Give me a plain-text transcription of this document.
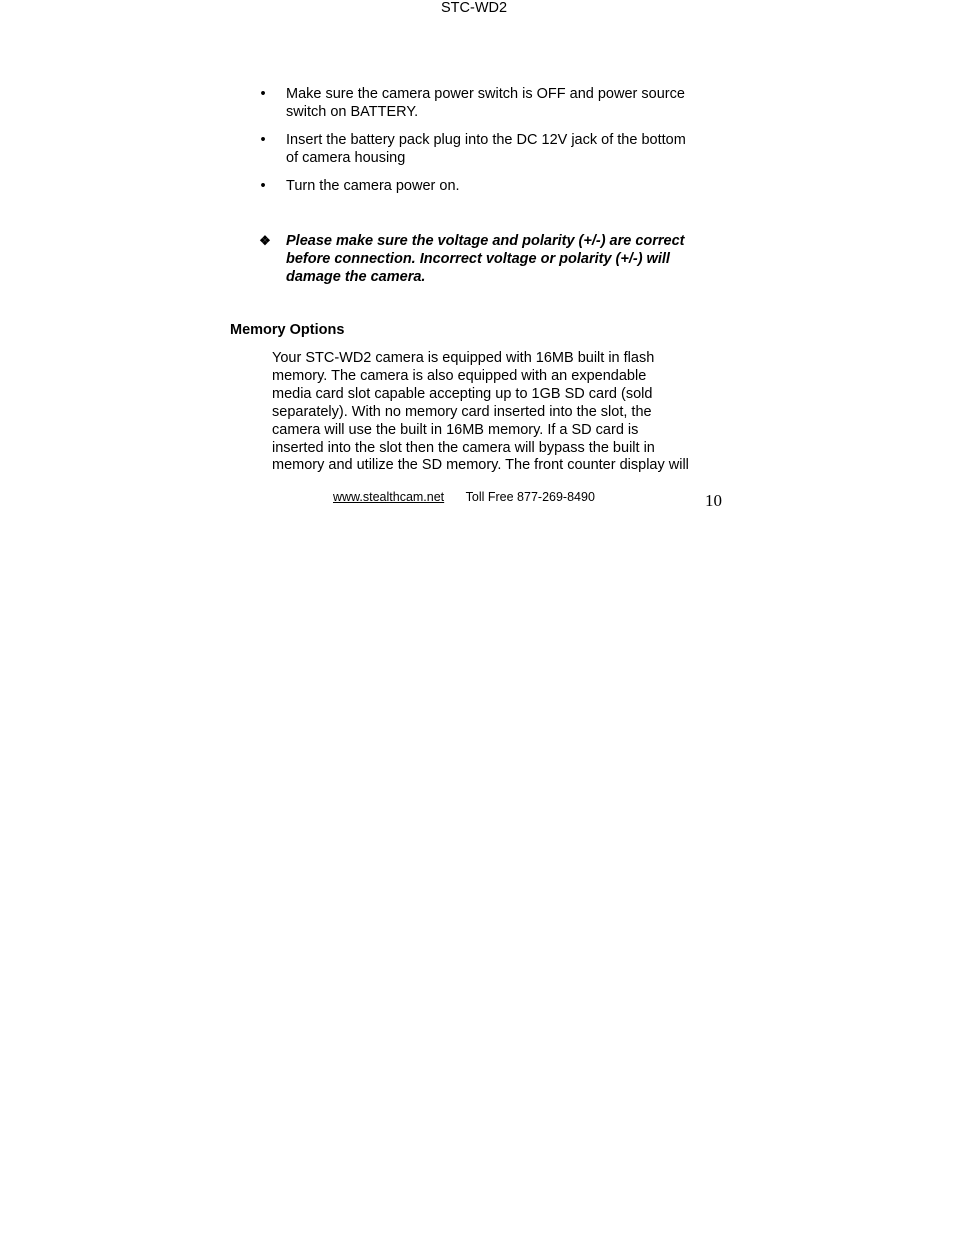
STC-WD2
•	Make sure the camera power switch is OFF and power source
switch on BATTERY.
•	Insert the battery pack plug into the DC 12V jack of the bottom
of camera housing
•	Turn the camera power on.
❖ Please make sure the voltage and polarity (+/-) are correct
before connection. Incorrect voltage or polarity (+/-) will
damage the camera.
Memory Options
Your STC-WD2 camera is equipped with 16MB built in flash
memory. The camera is also equipped with an expendable
media card slot capable accepting up to 1GB SD card (sold
separately). With no memory card inserted into the slot, the
camera will use the built in 16MB memory. If a SD card is
inserted into the slot then the camera will bypass the built in
memory and utilize the SD memory. The front counter display will
www.stealthcam.net Toll Free 877-269-8490	10
